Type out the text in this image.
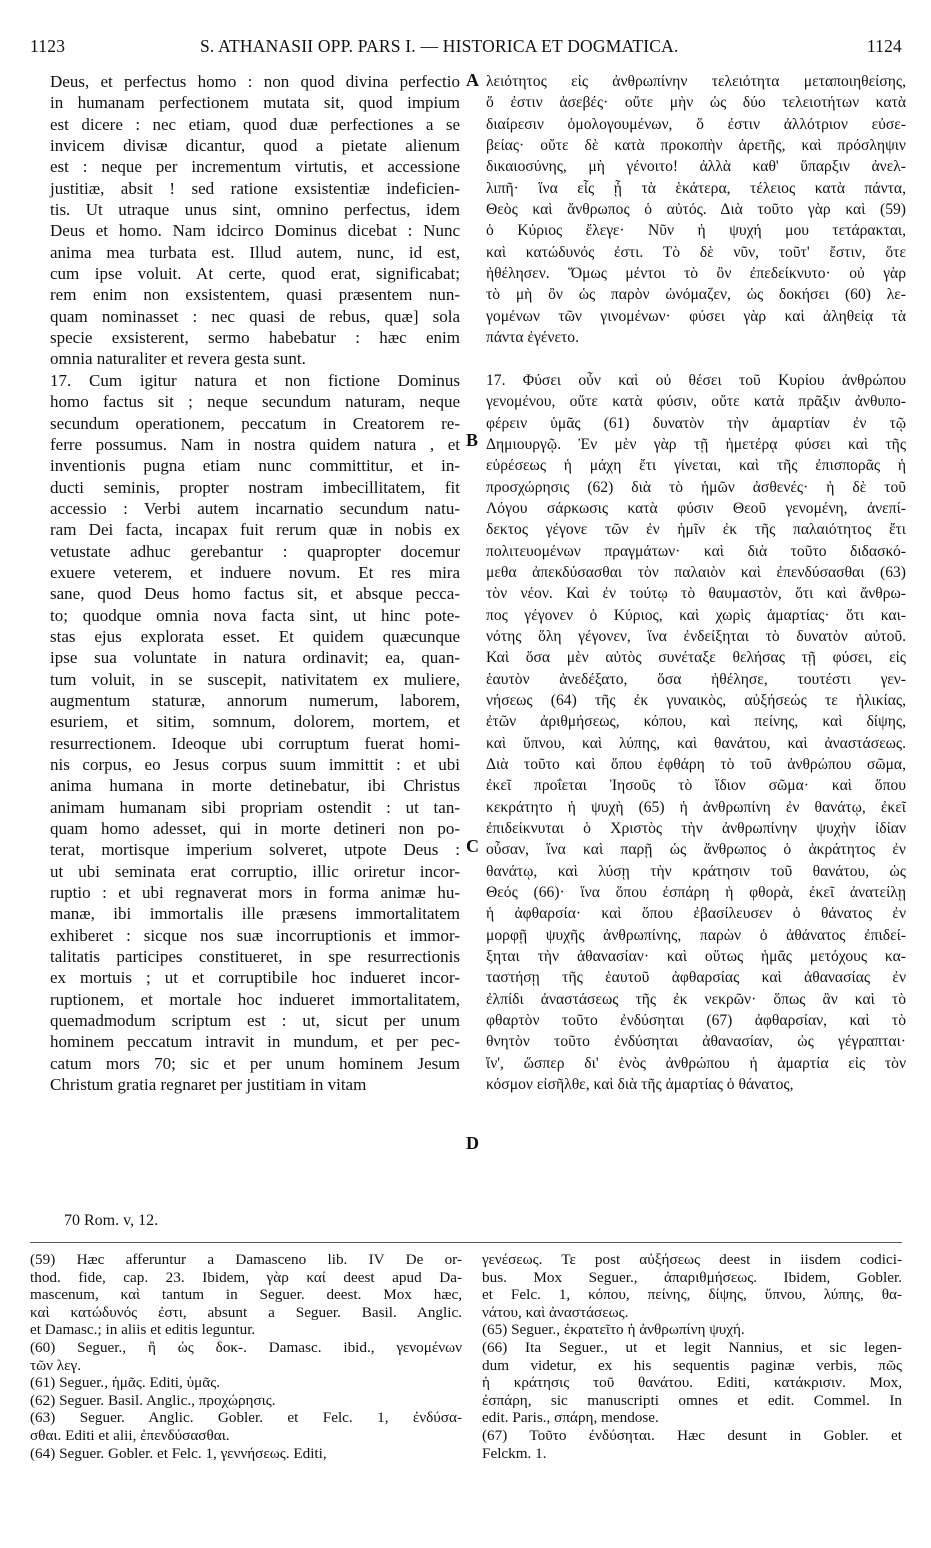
1123	S. ATHANASII OPP. PARS I. — HISTORICA ET DOGMATICA.	1124
Deus, et perfectus homo : non quod divina perfectio
in humanam perfectionem mutata sit, quod impium
est dicere : nec etiam, quod duæ perfectiones a se
invicem divisæ dicantur, quod a pietate alienum
est : neque per incrementum virtutis, et accessione
justitiæ, absit ! sed ratione exsistentiæ indeficien-
tis. Ut utraque unus sint, omnino perfectus, idem
Deus et homo. Nam idcirco Dominus dicebat : Nunc
anima mea turbata est. Illud autem, nunc, id est,
cum ipse voluit. At certe, quod erat, significabat;
rem enim non exsistentem, quasi præsentem nun-
quam nominasset : nec quasi de rebus, quæ] sola
specie exsisterent, sermo habebatur : hæc enim
omnia naturaliter et revera gesta sunt.
17. Cum igitur natura et non fictione Dominus
homo factus sit ; neque secundum naturam, neque
secundum operationem, peccatum in Creatorem re-
ferre possumus. Nam in nostra quidem natura , et
inventionis pugna etiam nunc committitur, et in-
ducti seminis, propter nostram imbecillitatem, fit
accessio : Verbi autem incarnatio secundum natu-
ram Dei facta, incapax fuit rerum quæ in nobis ex
vetustate adhuc gerebantur : quapropter docemur
exuere veterem, et induere novum. Et res mira
sane, quod Deus homo factus sit, et absque pecca-
to; quodque omnia nova facta sint, ut hinc pote-
stas ejus explorata esset. Et quidem quæcunque
ipse sua voluntate in natura ordinavit; ea, quan-
tum voluit, in se suscepit, nativitatem ex muliere,
augmentum staturæ, annorum numerum, laborem,
esuriem, et sitim, somnum, dolorem, mortem, et
resurrectionem. Ideoque ubi corruptum fuerat homi-
nis corpus, eo Jesus corpus suum immittit : et ubi
anima humana in morte detinebatur, ibi Christus
animam humanam sibi propriam ostendit : ut tan-
quam homo adesset, qui in morte detineri non po-
terat, mortisque imperium solveret, utpote Deus :
ut ubi seminata erat corruptio, illic oriretur incor-
ruptio : et ubi regnaverat mors in forma animæ hu-
manæ, ibi immortalis ille præsens immortalitatem
exhiberet : sicque nos suæ incorruptionis et immor-
talitatis participes constitueret, in spe resurrectionis
ex mortuis ; ut et corruptibile hoc indueret incor-
ruptionem, et mortale hoc indueret immortalitatem,
quemadmodum scriptum est : ut, sicut per unum
hominem peccatum intravit in mundum, et per pec-
catum mors 70; sic et per unum hominem Jesum
Christum gratia regnaret per justitiam in vitam
λειότητος εἰς ἀνθρωπίνην τελειότητα μεταποιηθείσης,
ὅ ἐστιν ἀσεβές· οὔτε μὴν ὡς δύο τελειοτήτων κατὰ
διαίρεσιν ὁμολογουμένων, ὅ ἐστιν ἀλλότριον εὐσε-
βείας· οὔτε δὲ κατὰ προκοπὴν ἀρετῆς, καὶ πρόσληψιν
δικαιοσύνης, μὴ γένοιτο! ἀλλὰ καθ' ὕπαρξιν ἀνελ-
λιπῆ· ἵνα εἷς ᾖ τὰ ἑκάτερα, τέλειος κατὰ πάντα,
Θεὸς καὶ ἄνθρωπος ὁ αὐτός. Διὰ τοῦτο γὰρ καὶ (59)
ὁ Κύριος ἔλεγε· Νῦν ἡ ψυχή μου τετάρακται,
καὶ κατώδυνός ἐστι. Τὸ δὲ νῦν, τοῦτ' ἔστιν, ὅτε
ἠθέλησεν. Ὅμως μέντοι τὸ ὂν ἐπεδείκνυτο· οὐ γὰρ
τὸ μὴ ὂν ὡς παρὸν ὠνόμαζεν, ὡς δοκήσει (60) λε-
γομένων τῶν γινομένων· φύσει γὰρ καὶ ἀληθείᾳ τὰ
πάντα ἐγένετο.
17. Φύσει οὖν καὶ οὐ θέσει τοῦ Κυρίου ἀνθρώπου
γενομένου, οὔτε κατὰ φύσιν, οὔτε κατὰ πρᾶξιν ἀνθυπο-
φέρειν ὑμᾶς (61) δυνατὸν τὴν ἁμαρτίαν ἐν τῷ
Δημιουργῷ. Ἐν μὲν γὰρ τῇ ἡμετέρᾳ φύσει καὶ τῆς
εὑρέσεως ἡ μάχη ἔτι γίνεται, καὶ τῆς ἐπισπορᾶς ἡ
προσχώρησις (62) διὰ τὸ ἡμῶν ἀσθενές· ἡ δὲ τοῦ
Λόγου σάρκωσις κατὰ φύσιν Θεοῦ γενομένη, ἀνεπί-
δεκτος γέγονε τῶν ἐν ἡμῖν ἐκ τῆς παλαιότητος ἔτι
πολιτευομένων πραγμάτων· καὶ διὰ τοῦτο διδασκό-
μεθα ἀπεκδύσασθαι τὸν παλαιὸν καὶ ἐπενδύσασθαι (63)
τὸν νέον. Καὶ ἐν τούτῳ τὸ θαυμαστὸν, ὅτι καὶ ἄνθρω-
πος γέγονεν ὁ Κύριος, καὶ χωρὶς ἁμαρτίας· ὅτι και-
νότης ὅλη γέγονεν, ἵνα ἐνδείξηται τὸ δυνατὸν αὐτοῦ.
Καὶ ὅσα μὲν αὐτὸς συνέταξε θελήσας τῇ φύσει, εἰς
ἑαυτὸν ἀνεδέξατο, ὅσα ἠθέλησε, τουτέστι γεν-
νήσεως (64) τῆς ἐκ γυναικὸς, αὐξήσεώς τε ἡλικίας,
ἐτῶν ἀριθμήσεως, κόπου, καὶ πείνης, καὶ δίψης,
καὶ ὕπνου, καὶ λύπης, καὶ θανάτου, καὶ ἀναστάσεως.
Διὰ τοῦτο καὶ ὅπου ἐφθάρη τὸ τοῦ ἀνθρώπου σῶμα,
ἐκεῖ προΐεται Ἰησοῦς τὸ ἴδιον σῶμα· καὶ ὅπου
κεκράτητο ἡ ψυχὴ (65) ἡ ἀνθρωπίνη ἐν θανάτῳ, ἐκεῖ
ἐπιδείκνυται ὁ Χριστὸς τὴν ἀνθρωπίνην ψυχὴν ἰδίαν
οὖσαν, ἵνα καὶ παρῇ ὡς ἄνθρωπος ὁ ἀκράτητος ἐν
θανάτῳ, καὶ λύσῃ τὴν κράτησιν τοῦ θανάτου, ὡς
Θεός (66)· ἵνα ὅπου ἐσπάρη ἡ φθορὰ, ἐκεῖ ἀνατείλῃ
ἡ ἀφθαρσία· καὶ ὅπου ἐβασίλευσεν ὁ θάνατος ἐν
μορφῇ ψυχῆς ἀνθρωπίνης, παρὼν ὁ ἀθάνατος ἐπιδεί-
ξηται τὴν ἀθανασίαν· καὶ οὕτως ἡμᾶς μετόχους κα-
ταστήσῃ τῆς ἑαυτοῦ ἀφθαρσίας καὶ ἀθανασίας ἐν
ἐλπίδι ἀναστάσεως τῆς ἐκ νεκρῶν· ὅπως ἂν καὶ τὸ
φθαρτὸν τοῦτο ἐνδύσηται (67) ἀφθαρσίαν, καὶ τὸ
θνητὸν τοῦτο ἐνδύσηται ἀθανασίαν, ὡς γέγραπται·
ἵν', ὥσπερ δι' ἑνὸς ἀνθρώπου ἡ ἁμαρτία εἰς τὸν
κόσμον εἰσῆλθε, καὶ διὰ τῆς ἁμαρτίας ὁ θάνατος,
A
B
C
D
70 Rom. v, 12.
(59) Hæc afferuntur a Damasceno lib. IV De or-
thod. fide, cap. 23. Ibidem, γὰρ καί deest apud Da-
mascenum, καὶ tantum in Seguer. deest. Mox hæc,
καὶ κατώδυνός ἐστι, absunt a Seguer. Basil. Anglic.
et Damasc.; in aliis et editis leguntur.
(60) Seguer., ἢ ὡς δοκ-. Damasc. ibid., γενομένων
τῶν λεγ.
(61) Seguer., ἡμᾶς. Editi, ὑμᾶς.
(62) Seguer. Basil. Anglic., προχώρησις.
(63) Seguer. Anglic. Gobler. et Felc. 1, ἐνδύσα-
σθαι. Editi et alii, ἐπενδύσασθαι.
(64) Seguer. Gobler. et Felc. 1, γεννήσεως. Editi,
γενέσεως. Τε post αὐξήσεως deest in iisdem codici-
bus. Mox Seguer., ἀπαριθμήσεως. Ibidem, Gobler.
et Felc. 1, κόπου, πείνης, δίψης, ὕπνου, λύπης, θα-
νάτου, καὶ ἀναστάσεως.
(65) Seguer., ἐκρατεῖτο ἡ ἀνθρωπίνη ψυχή.
(66) Ita Seguer., ut et legit Nannius, et sic legen-
dum videtur, ex his sequentis paginæ verbis, πῶς
ἡ κράτησις τοῦ θανάτου. Editi, κατάκρισιν. Mox,
ἐσπάρη, sic manuscripti omnes et edit. Commel. In
edit. Paris., σπάρη, mendose.
(67) Τοῦτο ἐνδύσηται. Hæc desunt in Gobler. et
Felckm. 1.
